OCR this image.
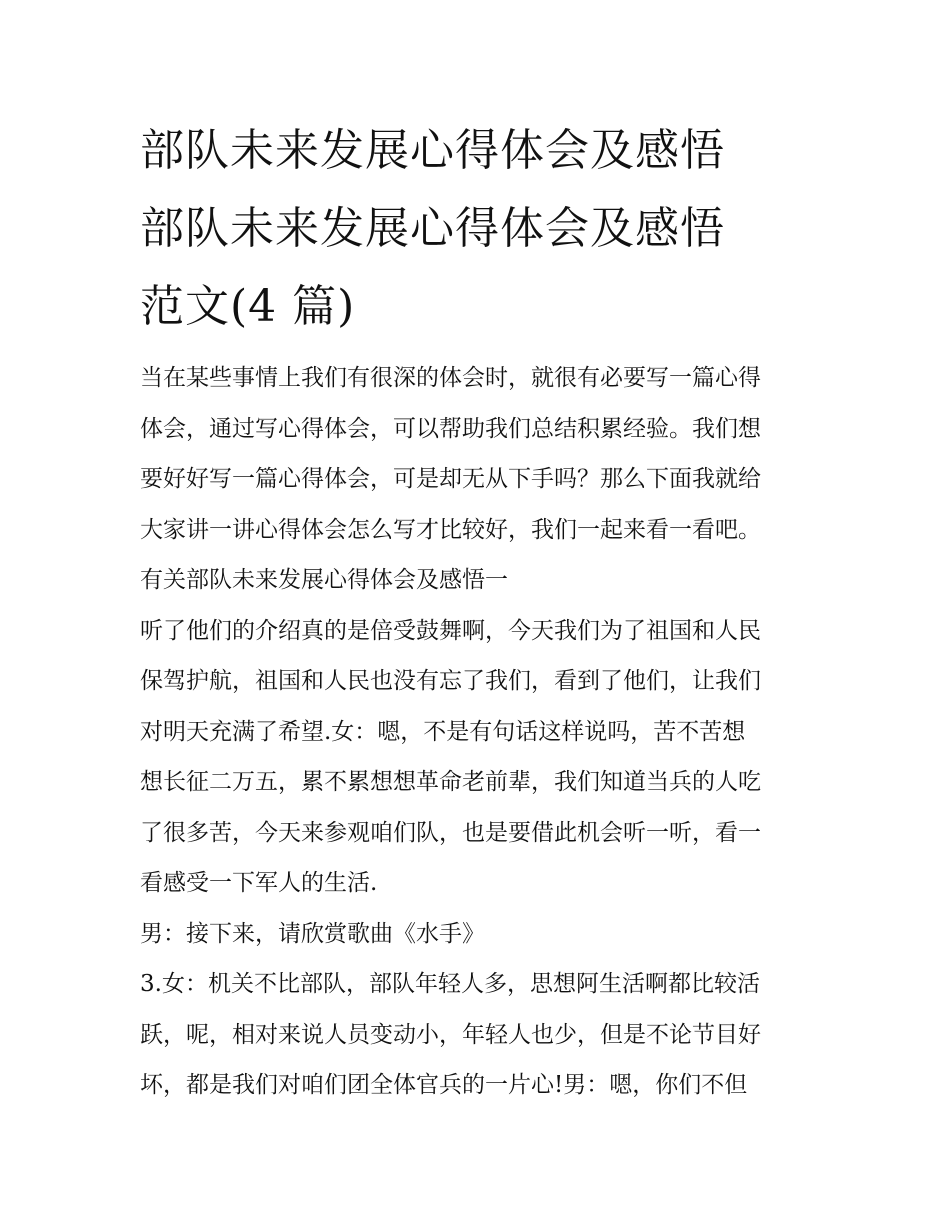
部队未来发展心得体会及感悟
部队未来发展心得体会及感悟
范文(4 篇)

当在某些事情上我们有很深的体会时，就很有必要写一篇心得
体会，通过写心得体会，可以帮助我们总结积累经验。我们想
要好好写一篇心得体会，可是却无从下手吗？那么下面我就给
大家讲一讲心得体会怎么写才比较好，我们一起来看一看吧。

有关部队未来发展心得体会及感悟一

听了他们的介绍真的是倍受鼓舞啊，今天我们为了祖国和人民
保驾护航，祖国和人民也没有忘了我们，看到了他们，让我们
对明天充满了希望.女：嗯，不是有句话这样说吗，苦不苦想
想长征二万五，累不累想想革命老前辈，我们知道当兵的人吃
了很多苦，今天来参观咱们队，也是要借此机会听一听，看一
看感受一下军人的生活.

男：接下来，请欣赏歌曲《水手》

3.女：机关不比部队，部队年轻人多，思想阿生活啊都比较活
跃，呢，相对来说人员变动小，年轻人也少，但是不论节目好
坏，都是我们对咱们团全体官兵的一片心!男：嗯，你们不但
